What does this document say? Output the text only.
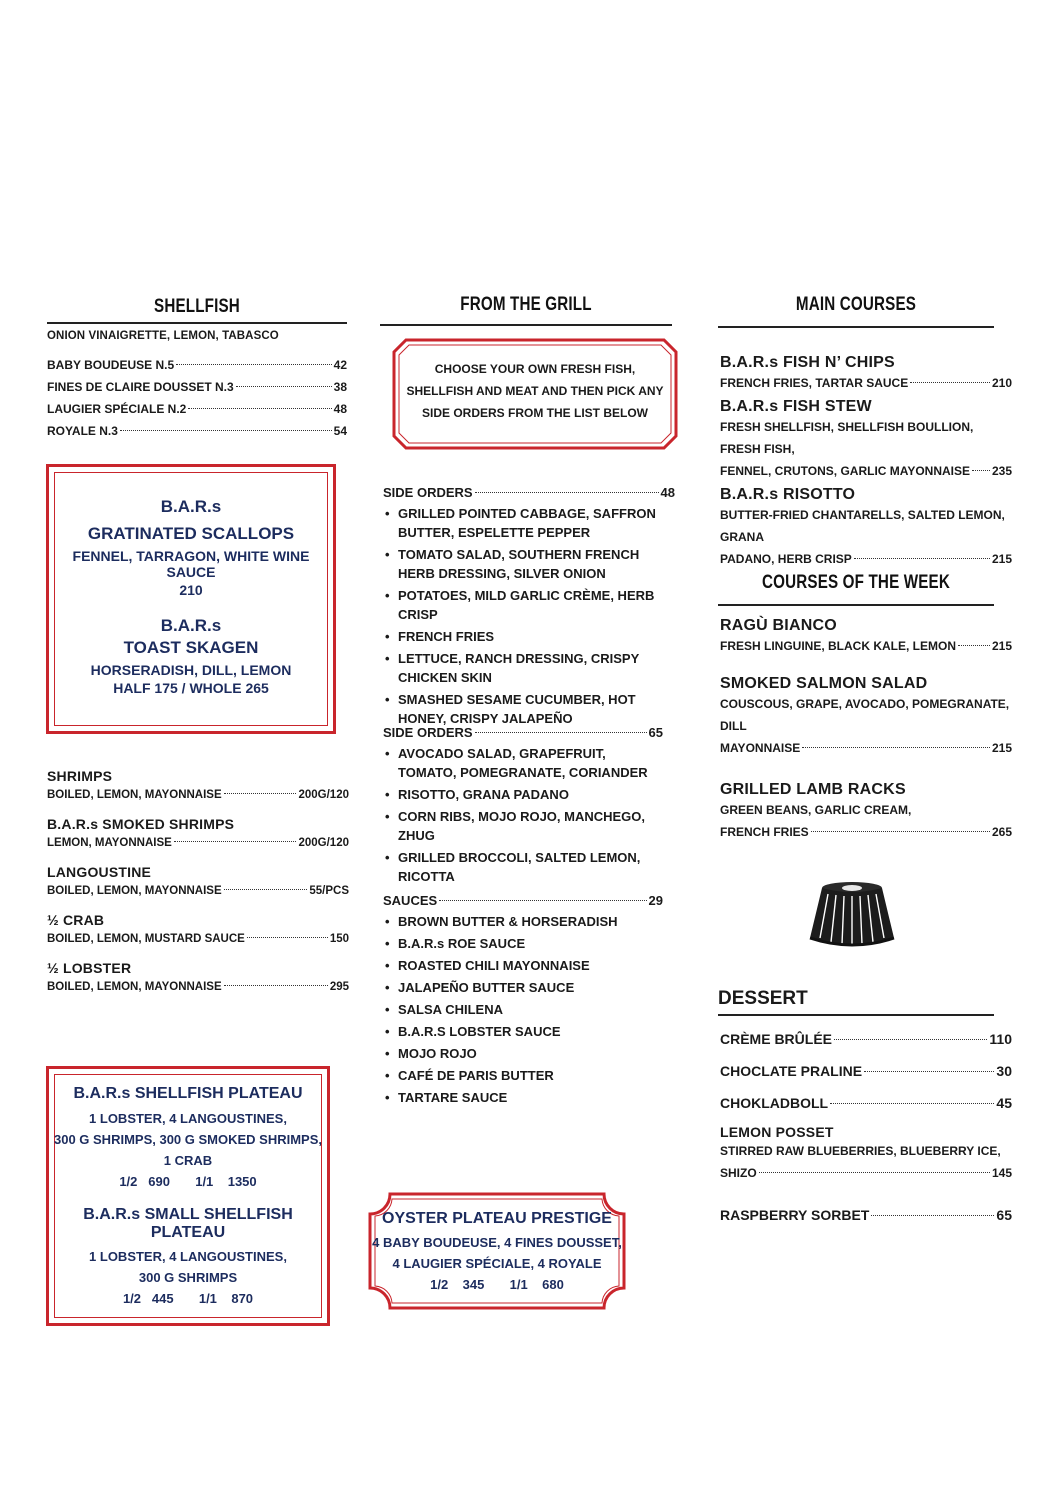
SHELLFISH
ONION VINAIGRETTE, LEMON, TABASCO
BABY BOUDEUSE N.5	42
FINES DE CLAIRE DOUSSET N.3	38
LAUGIER SPÉCIALE N.2	48
ROYALE N.3	54
B.A.R.s
GRATINATED SCALLOPS
FENNEL, TARRAGON, WHITE WINE SAUCE
210
B.A.R.s
TOAST SKAGEN
HORSERADISH, DILL, LEMON
HALF 175 / WHOLE 265
SHRIMPS
BOILED, LEMON, MAYONNAISE	200G/120
B.A.R.s SMOKED SHRIMPS
LEMON, MAYONNAISE	200G/120
LANGOUSTINE
BOILED, LEMON, MAYONNAISE	55/PCS
½ CRAB
BOILED, LEMON, MUSTARD SAUCE	150
½ LOBSTER
BOILED, LEMON, MAYONNAISE	295
B.A.R.s SHELLFISH PLATEAU
1 LOBSTER, 4 LANGOUSTINES,
300 G SHRIMPS, 300 G SMOKED SHRIMPS,
1 CRAB
1/2   690       1/1    1350
B.A.R.s SMALL SHELLFISH PLATEAU
1 LOBSTER, 4 LANGOUSTINES,
300 G SHRIMPS
1/2   445       1/1    870
FROM THE GRILL
CHOOSE YOUR OWN FRESH FISH, SHELLFISH AND MEAT AND THEN PICK ANY SIDE ORDERS FROM THE LIST BELOW
SIDE ORDERS	48
• GRILLED POINTED CABBAGE, SAFFRON BUTTER, ESPELETTE PEPPER
• TOMATO SALAD, SOUTHERN FRENCH HERB DRESSING, SILVER ONION
• POTATOES, MILD GARLIC CRÈME, HERB CRISP
• FRENCH FRIES
• LETTUCE, RANCH DRESSING, CRISPY CHICKEN SKIN
• SMASHED SESAME CUCUMBER, HOT HONEY, CRISPY JALAPEÑO
SIDE ORDERS	65
• AVOCADO SALAD, GRAPEFRUIT, TOMATO, POMEGRANATE, CORIANDER
• RISOTTO, GRANA PADANO
• CORN RIBS, MOJO ROJO, MANCHEGO, ZHUG
• GRILLED BROCCOLI, SALTED LEMON, RICOTTA
SAUCES	29
• BROWN BUTTER & HORSERADISH
• B.A.R.s ROE SAUCE
• ROASTED CHILI MAYONNAISE
• JALAPEÑO BUTTER SAUCE
• SALSA CHILENA
• B.A.R.S LOBSTER SAUCE
• MOJO ROJO
• CAFÉ DE PARIS BUTTER
• TARTARE SAUCE
OYSTER PLATEAU PRESTIGE
4 BABY BOUDEUSE, 4 FINES DOUSSET,
4 LAUGIER SPÉCIALE, 4 ROYALE
1/2    345       1/1    680
MAIN COURSES
B.A.R.s FISH N’ CHIPS
FRENCH FRIES, TARTAR SAUCE	210
B.A.R.s FISH STEW
FRESH SHELLFISH, SHELLFISH BOULLION, FRESH FISH,
FENNEL, CRUTONS, GARLIC MAYONNAISE 235
B.A.R.s RISOTTO
BUTTER-FRIED CHANTARELLS, SALTED LEMON, GRANA
PADANO, HERB CRISP	215
COURSES OF THE WEEK
RAGÙ BIANCO
FRESH LINGUINE, BLACK KALE, LEMON	215
SMOKED SALMON SALAD
COUSCOUS, GRAPE, AVOCADO, POMEGRANATE, DILL
MAYONNAISE	215
GRILLED LAMB RACKS
GREEN BEANS, GARLIC CREAM,
FRENCH FRIES	265
DESSERT
CRÈME BRÛLÉE	110
CHOCLATE PRALINE	30
CHOKLADBOLL	45
LEMON POSSET
STIRRED RAW BLUEBERRIES, BLUEBERRY ICE,
SHIZO	145
RASPBERRY SORBET	65
